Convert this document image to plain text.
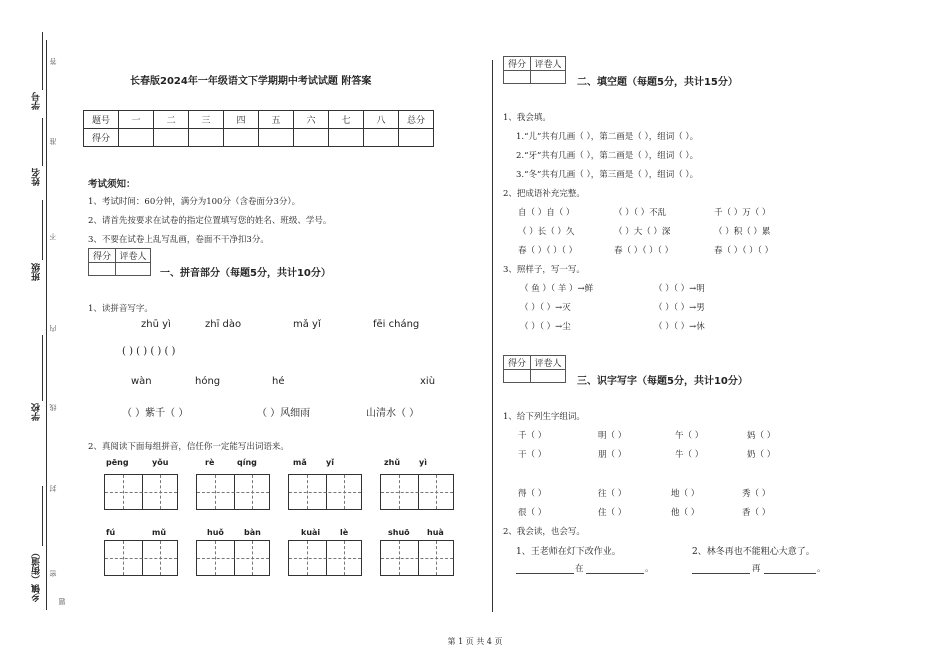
学号
姓名
班级
学校
乡镇（街道）
答
准
不
内
线
封
密
题
长春版2024年一年级语文下学期期中考试试题 附答案
题号	一	二	三	四	五	六	七	八	总分
得分									
考试须知：
1、考试时间：60分钟，满分为100分（含卷面分3分）。
2、请首先按要求在试卷的指定位置填写您的姓名、班级、学号。
3、不要在试卷上乱写乱画，卷面不干净扣3分。
得分	评卷人

一、拼音部分（每题5分，共计10分）
1、读拼音写字。
zhū yì	zhī dào	mǎ yǐ	fēi cháng
( ) ( ) ( ) ( )
wàn	hóng	hé	xiù
（ ）紫千（ ）	（ ）风细雨	山清水（ ）
2、真阅读下面每组拼音，信任你一定能写出词语来。
pēng	yǒu	rè	qíng	mǎ yǐ	zhǔ yì
fú	mǔ	huǒ	bàn	kuài lè	shuō huà
得分	评卷人

二、填空题（每题5分，共计15分）
1、我会填。
1.“儿”共有几画（ ），第二画是（ ），组词（ ）。
2.“牙”共有几画（ ），第二画是（ ），组词（ ）。
3.“冬”共有几画（ ），第三画是（ ），组词（ ）。
2、把成语补充完整。
自（ ）自（ ）	（ ）（ ）不乱	千（ ）万（ ）
（ ）长（ ）久	（ ）大（ ）深	（ ）积（ ）累
春（ ）（ ）（ ）	春（ ）（ ）（ ）	春（ ）（ ）（ ）
3、照样子，写一写。
（ 鱼 ）（ 羊 ）→鲜	（ ）（ ）→明
（ ）（ ）→灭	（ ）（ ）→男
（ ）（ ）→尘	（ ）（ ）→休
得分	评卷人

三、识字写字（每题5分，共计10分）
1、给下列生字组词。
千（ ）	明（ ）	午（ ）	妈（ ）
干（ ）	朋（ ）	牛（ ）	奶（ ）
得（ ）	往（ ）	地（ ）	秀（ ）
很（ ）	住（ ）	他（ ）	香（ ）
2、我会读，也会写。
1、王老师在灯下改作业。	2、林冬再也不能粗心大意了。
在	。	再	。
第 1 页 共 4 页
